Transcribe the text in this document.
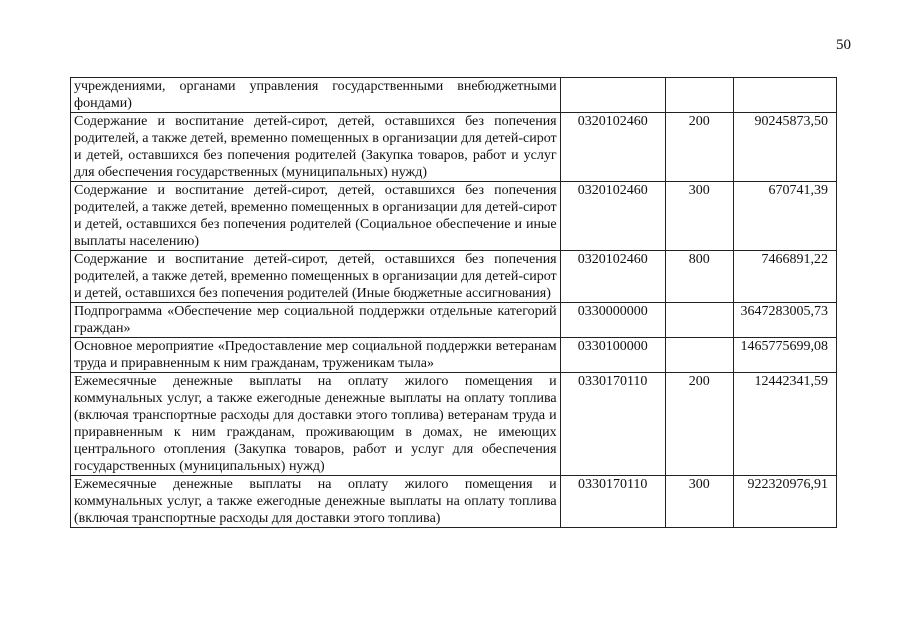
50
учреждениями, органами управления государственными внебюджетными фондами)			
Содержание и воспитание детей-сирот, детей, оставшихся без попечения родителей, а также детей, временно помещенных в организации для детей-сирот и детей, оставшихся без попечения родителей (Закупка товаров, работ и услуг для обеспечения государственных (муниципальных) нужд)	0320102460	200	90245873,50
Содержание и воспитание детей-сирот, детей, оставшихся без попечения родителей, а также детей, временно помещенных в организации для детей-сирот и детей, оставшихся без попечения родителей (Социальное обеспечение и иные выплаты населению)	0320102460	300	670741,39
Содержание и воспитание детей-сирот, детей, оставшихся без попечения родителей, а также детей, временно помещенных в организации для детей-сирот и детей, оставшихся без попечения родителей (Иные бюджетные ассигнования)	0320102460	800	7466891,22
Подпрограмма «Обеспечение мер социальной поддержки отдельные категорий граждан»	0330000000		3647283005,73
Основное мероприятие «Предоставление мер социальной поддержки ветеранам труда и приравненным к ним гражданам, труженикам тыла»	0330100000		1465775699,08
Ежемесячные денежные выплаты на оплату жилого помещения и коммунальных услуг, а также ежегодные денежные выплаты на оплату топлива (включая транспортные расходы для доставки этого топлива) ветеранам труда и приравненным к ним гражданам, проживающим в домах, не имеющих центрального отопления (Закупка товаров, работ и услуг для обеспечения государственных (муниципальных) нужд)	0330170110	200	12442341,59
Ежемесячные денежные выплаты на оплату жилого помещения и коммунальных услуг, а также ежегодные денежные выплаты на оплату топлива (включая транспортные расходы для доставки этого топлива)	0330170110	300	922320976,91
